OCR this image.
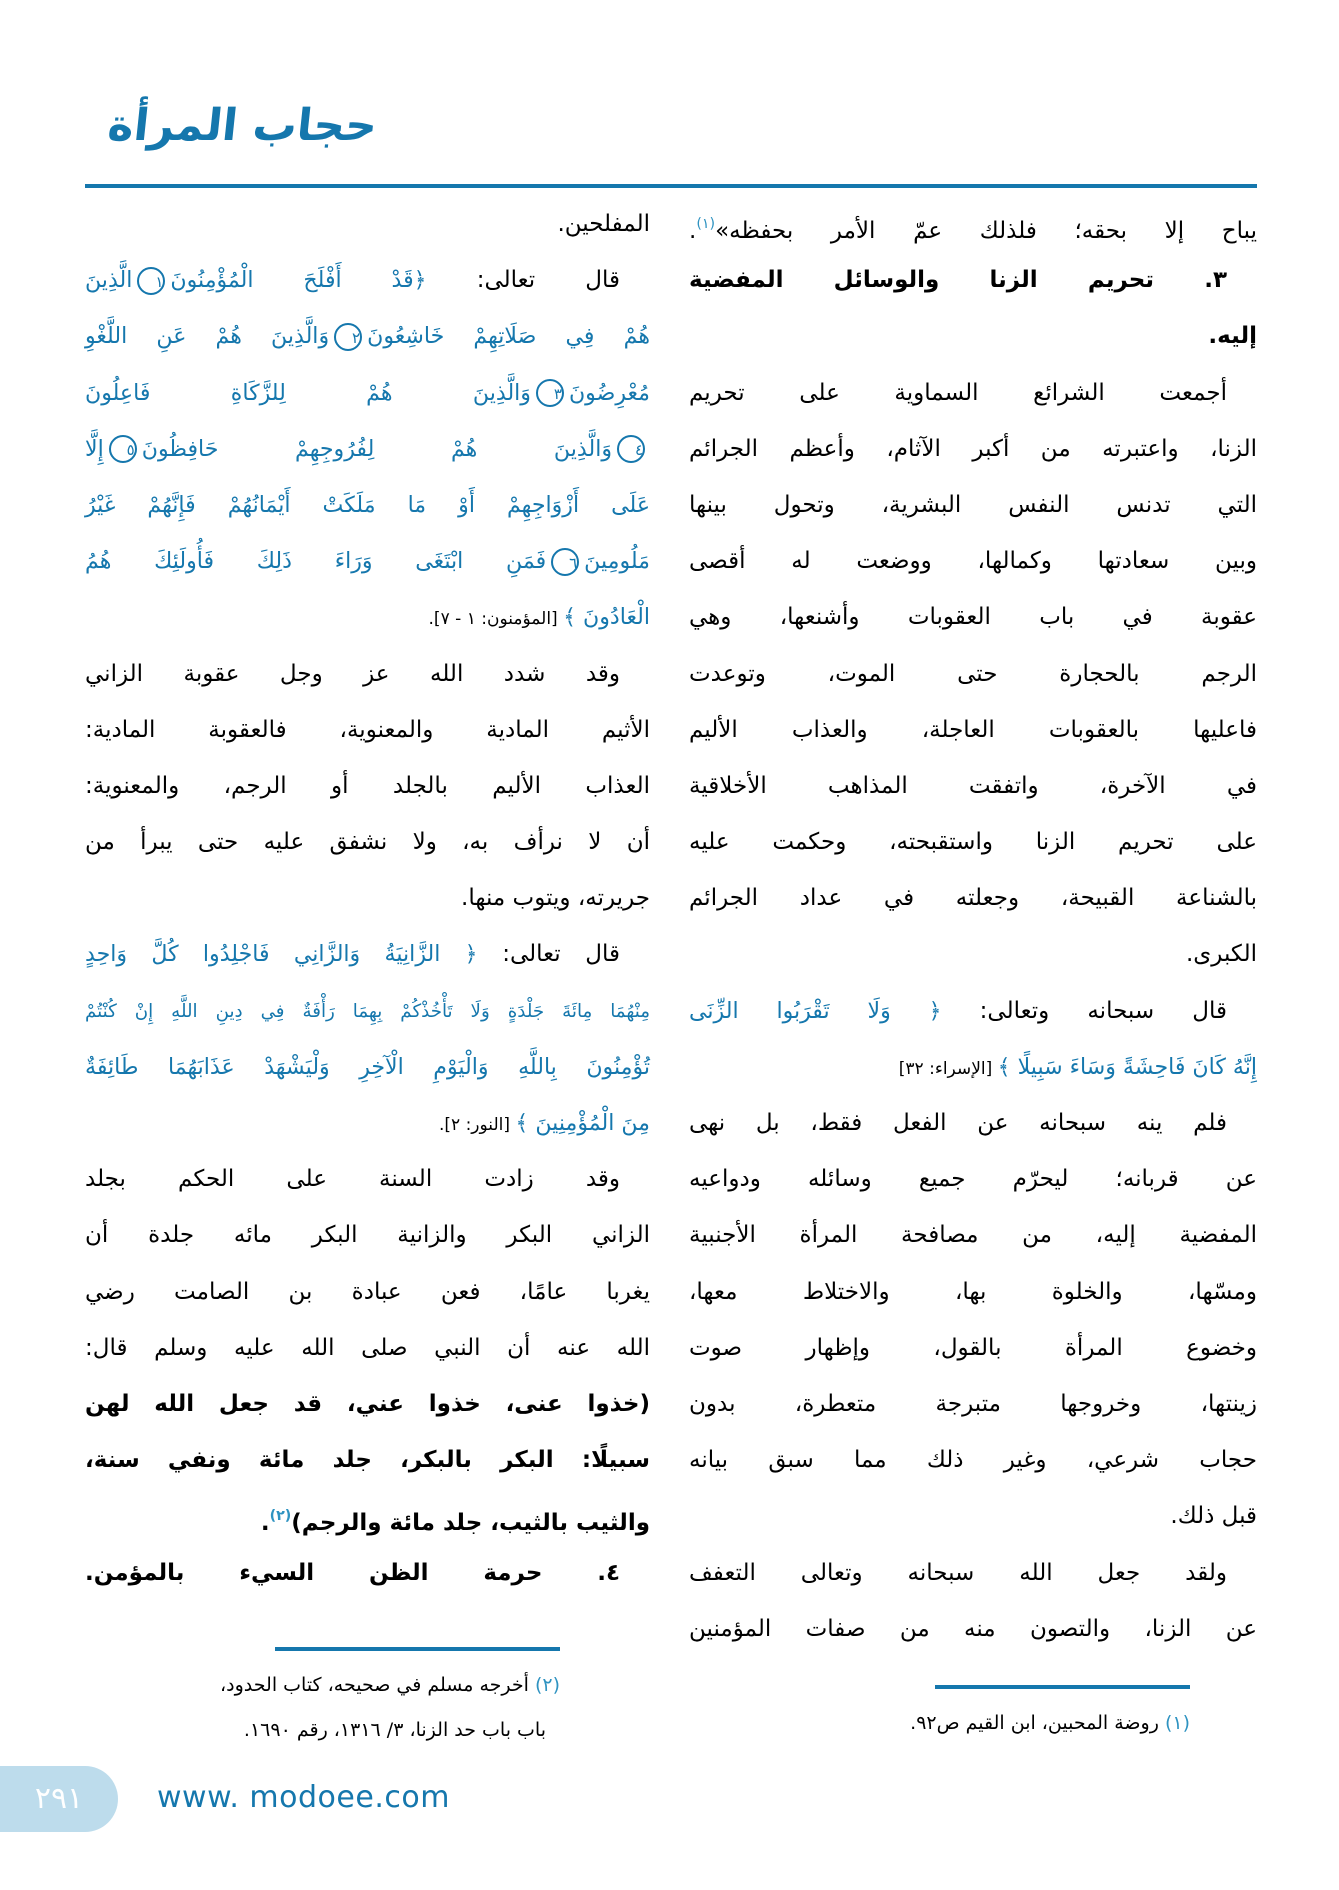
حجاب المرأة
يباح إلا بحقه؛ فلذلك عمّ الأمر بحفظه»$^{(١)}$.
٣. تحريم الزنا والوسائل المفضية
إليه.
أجمعت الشرائع السماوية على تحريم
الزنا، واعتبرته من أكبر الآثام، وأعظم الجرائم
التي تدنس النفس البشرية، وتحول بينها
وبين سعادتها وكمالها، ووضعت له أقصى
عقوبة في باب العقوبات وأشنعها، وهي
الرجم بالحجارة حتى الموت، وتوعدت
فاعليها بالعقوبات العاجلة، والعذاب الأليم
في الآخرة، واتفقت المذاهب الأخلاقية
على تحريم الزنا واستقبحته، وحكمت عليه
بالشناعة القبيحة، وجعلته في عداد الجرائم
الكبرى.
قال سبحانه وتعالى: ﴿ وَلَا تَقْرَبُوا الزِّنَى
إِنَّهُ كَانَ فَاحِشَةً وَسَاءَ سَبِيلًا ﴾ [الإسراء: ٣٢]
فلم ينه سبحانه عن الفعل فقط، بل نهى
عن قربانه؛ ليحرّم جميع وسائله ودواعيه
المفضية إليه، من مصافحة المرأة الأجنبية
ومسّها، والخلوة بها، والاختلاط معها،
وخضوع المرأة بالقول، وإظهار صوت
زينتها، وخروجها متبرجة متعطرة، بدون
حجاب شرعي، وغير ذلك مما سبق بيانه
قبل ذلك.
ولقد جعل الله سبحانه وتعالى التعفف
عن الزنا، والتصون منه من صفات المؤمنين
(١) روضة المحبين، ابن القيم ص٩٢.
المفلحين.
قال تعالى: ﴿قَدْ أَفْلَحَ الْمُؤْمِنُونَ١الَّذِينَ
هُمْ فِي صَلَاتِهِمْ خَاشِعُونَ٢وَالَّذِينَ هُمْ عَنِ اللَّغْوِ
مُعْرِضُونَ٣وَالَّذِينَ هُمْ لِلزَّكَاةِ فَاعِلُونَ
٤وَالَّذِينَ هُمْ لِفُرُوجِهِمْ حَافِظُونَ٥إِلَّا
عَلَى أَزْوَاجِهِمْ أَوْ مَا مَلَكَتْ أَيْمَانُهُمْ فَإِنَّهُمْ غَيْرُ
مَلُومِينَ٦فَمَنِ ابْتَغَى وَرَاءَ ذَلِكَ فَأُولَئِكَ هُمُ
الْعَادُونَ ﴾ [المؤمنون: ١ - ٧].
وقد شدد الله عز وجل عقوبة الزاني
الأثيم المادية والمعنوية، فالعقوبة المادية:
العذاب الأليم بالجلد أو الرجم، والمعنوية:
أن لا نرأف به، ولا نشفق عليه حتى يبرأ من
جريرته، ويتوب منها.
قال تعالى: ﴿ الزَّانِيَةُ وَالزَّانِي فَاجْلِدُوا كُلَّ وَاحِدٍ
مِنْهُمَا مِائَةَ جَلْدَةٍ وَلَا تَأْخُذْكُمْ بِهِمَا رَأْفَةٌ فِي دِينِ اللَّهِ إِنْ كُنْتُمْ
تُؤْمِنُونَ بِاللَّهِ وَالْيَوْمِ الْآخِرِ وَلْيَشْهَدْ عَذَابَهُمَا طَائِفَةٌ
مِنَ الْمُؤْمِنِينَ ﴾ [النور: ٢].
وقد زادت السنة على الحكم بجلد
الزاني البكر والزانية البكر مائه جلدة أن
يغربا عامًا، فعن عبادة بن الصامت رضي
الله عنه أن النبي صلى الله عليه وسلم قال:
(خذوا عنى، خذوا عني، قد جعل الله لهن
سبيلًا: البكر بالبكر، جلد مائة ونفي سنة،
والثيب بالثيب، جلد مائة والرجم)$^{(٢)}$.
٤. حرمة الظن السيء بالمؤمن.
(٢) أخرجه مسلم في صحيحه، كتاب الحدود،
باب باب حد الزنا، ٣/ ١٣١٦، رقم ١٦٩٠.
٢٩١	www. modoee.com
